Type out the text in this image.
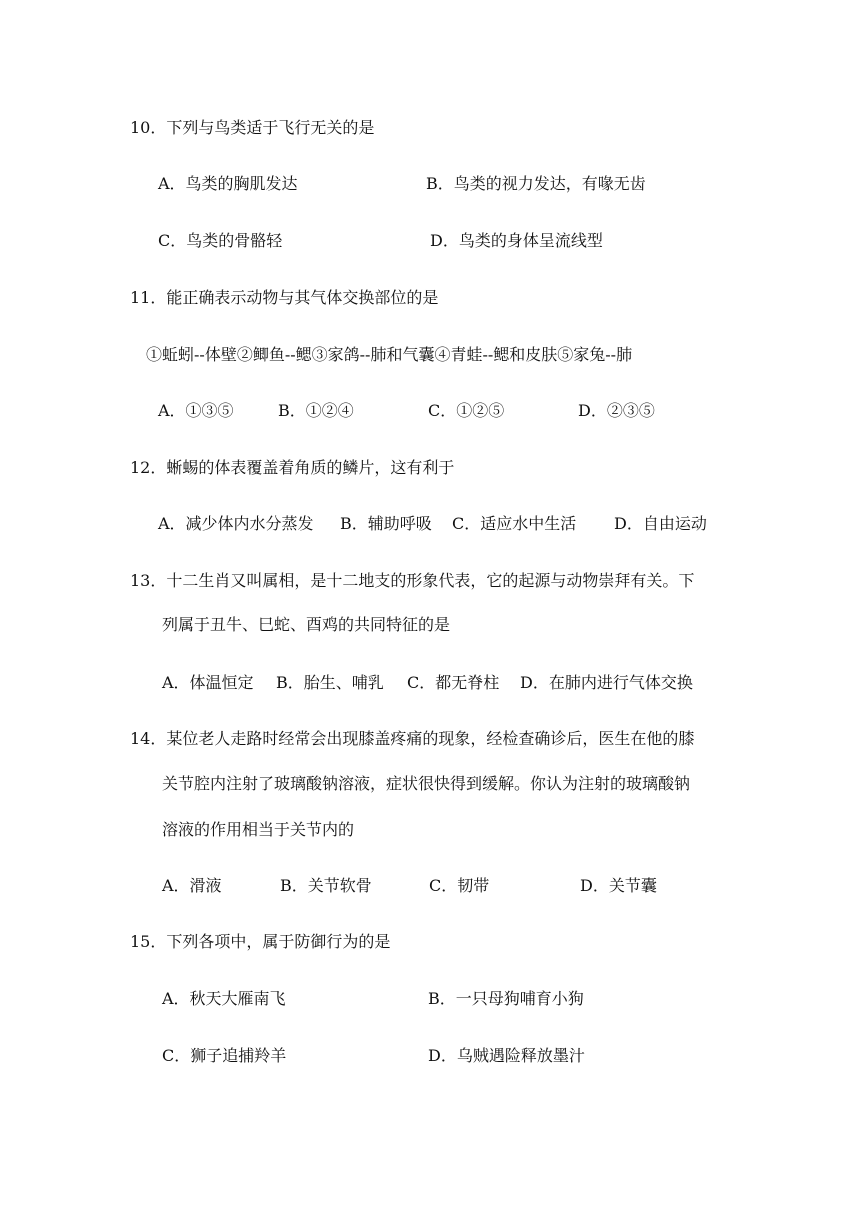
10．下列与鸟类适于飞行无关的是
A．鸟类的胸肌发达	B．鸟类的视力发达，有喙无齿
C．鸟类的骨骼轻	D．鸟类的身体呈流线型
11．能正确表示动物与其气体交换部位的是
①蚯蚓--体壁②鲫鱼--鳃③家鸽--肺和气囊④青蛙--鳃和皮肤⑤家兔--肺
A．①③⑤	B．①②④	C．①②⑤	D．②③⑤
12．蜥蜴的体表覆盖着角质的鳞片，这有利于
A．减少体内水分蒸发 B．辅助呼吸 C．适应水中生活 D．自由运动
13．十二生肖又叫属相，是十二地支的形象代表，它的起源与动物崇拜有关。下
列属于丑牛、巳蛇、酉鸡的共同特征的是
A．体温恒定 B．胎生、哺乳 C．都无脊柱 D．在肺内进行气体交换
14．某位老人走路时经常会出现膝盖疼痛的现象，经检查确诊后，医生在他的膝
关节腔内注射了玻璃酸钠溶液，症状很快得到缓解。你认为注射的玻璃酸钠
溶液的作用相当于关节内的
A．滑液	B．关节软骨	C．韧带	D．关节囊
15．下列各项中，属于防御行为的是
A．秋天大雁南飞	B．一只母狗哺育小狗
C．狮子追捕羚羊	D．乌贼遇险释放墨汁
